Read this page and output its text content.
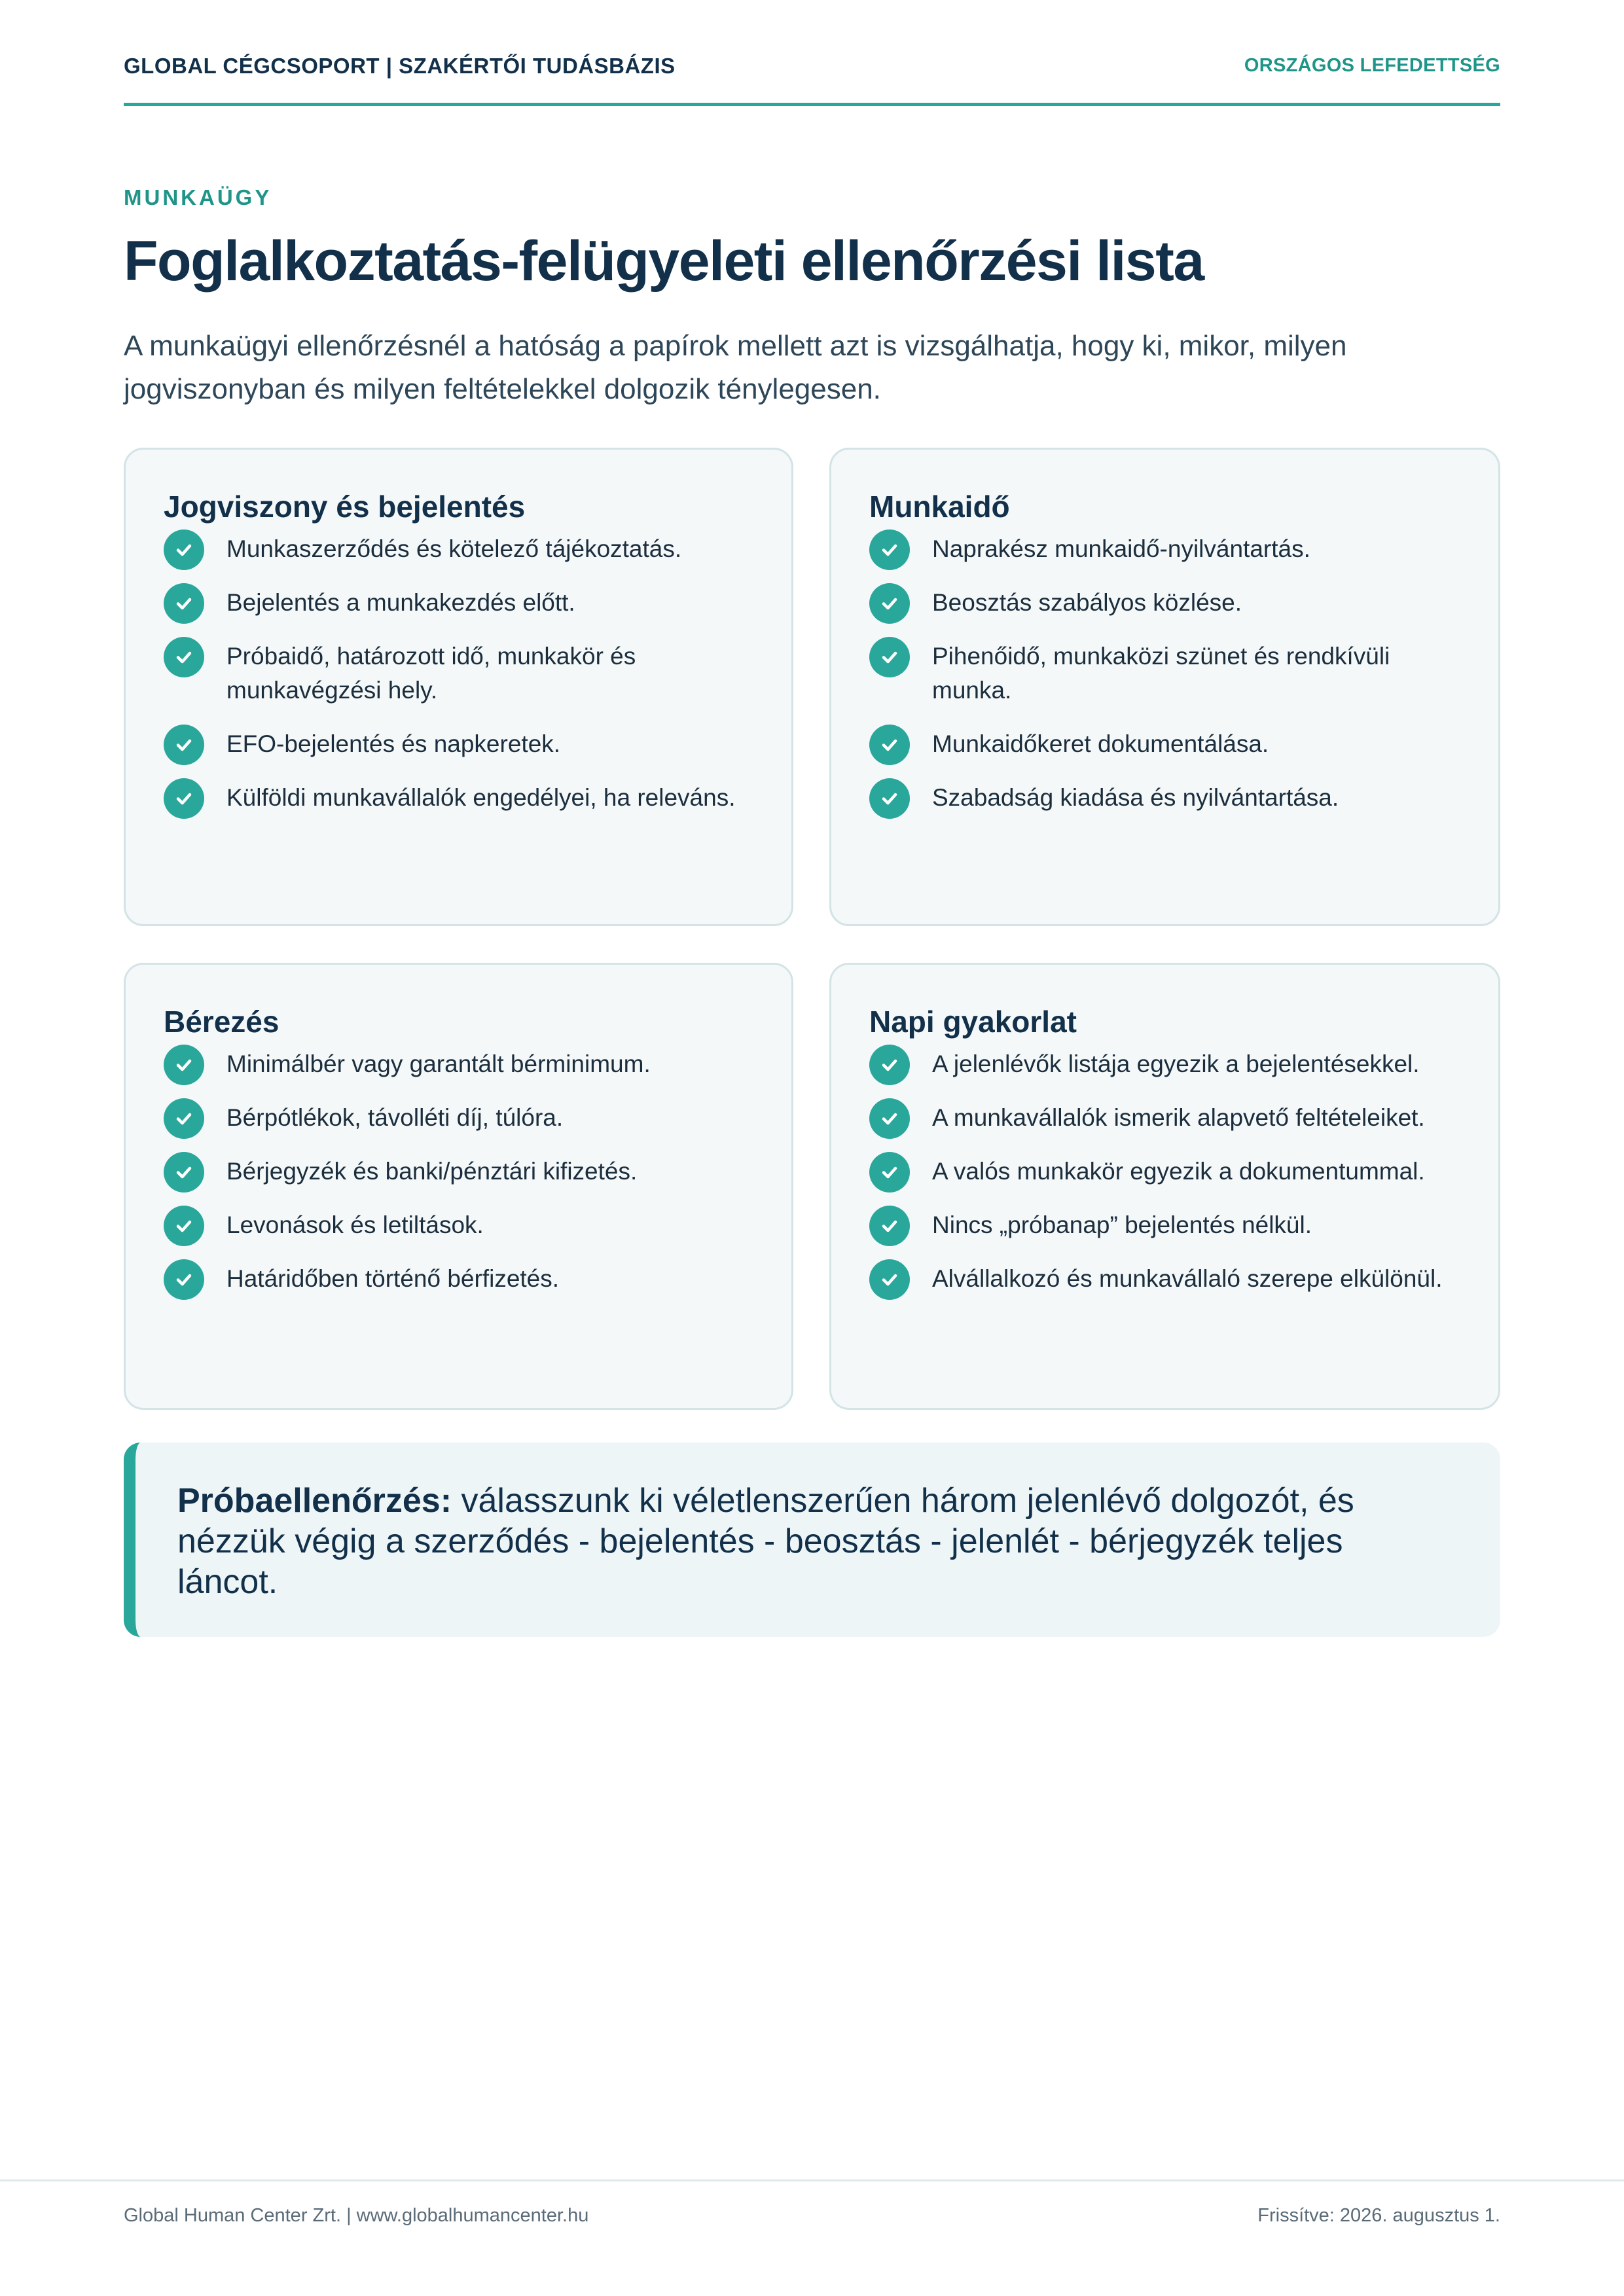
GLOBAL CÉGCSOPORT | SZAKÉRTŐI TUDÁSBÁZIS	ORSZÁGOS LEFEDETTSÉG
MUNKAÜGY
Foglalkoztatás-felügyeleti ellenőrzési lista

A munkaügyi ellenőrzésnél a hatóság a papírok mellett azt is vizsgálhatja, hogy ki, mikor, milyen jogviszonyban és milyen feltételekkel dolgozik ténylegesen.

Jogviszony és bejelentés
Munkaszerződés és kötelező tájékoztatás.
Bejelentés a munkakezdés előtt.
Próbaidő, határozott idő, munkakör és munkavégzési hely.
EFO-bejelentés és napkeretek.
Külföldi munkavállalók engedélyei, ha releváns.
Munkaidő
Naprakész munkaidő-nyilvántartás.
Beosztás szabályos közlése.
Pihenőidő, munkaközi szünet és rendkívüli munka.
Munkaidőkeret dokumentálása.
Szabadság kiadása és nyilvántartása.
Bérezés
Minimálbér vagy garantált bérminimum.
Bérpótlékok, távolléti díj, túlóra.
Bérjegyzék és banki/pénztári kifizetés.
Levonások és letiltások.
Határidőben történő bérfizetés.
Napi gyakorlat
A jelenlévők listája egyezik a bejelentésekkel.
A munkavállalók ismerik alapvető feltételeiket.
A valós munkakör egyezik a dokumentummal.
Nincs „próbanap” bejelentés nélkül.
Alvállalkozó és munkavállaló szerepe elkülönül.

Próbaellenőrzés: válasszunk ki véletlenszerűen három jelenlévő dolgozót, és nézzük végig a szerződés - bejelentés - beosztás - jelenlét - bérjegyzék teljes láncot.

Global Human Center Zrt. | www.globalhumancenter.hu	Frissítve: 2026. augusztus 1.
